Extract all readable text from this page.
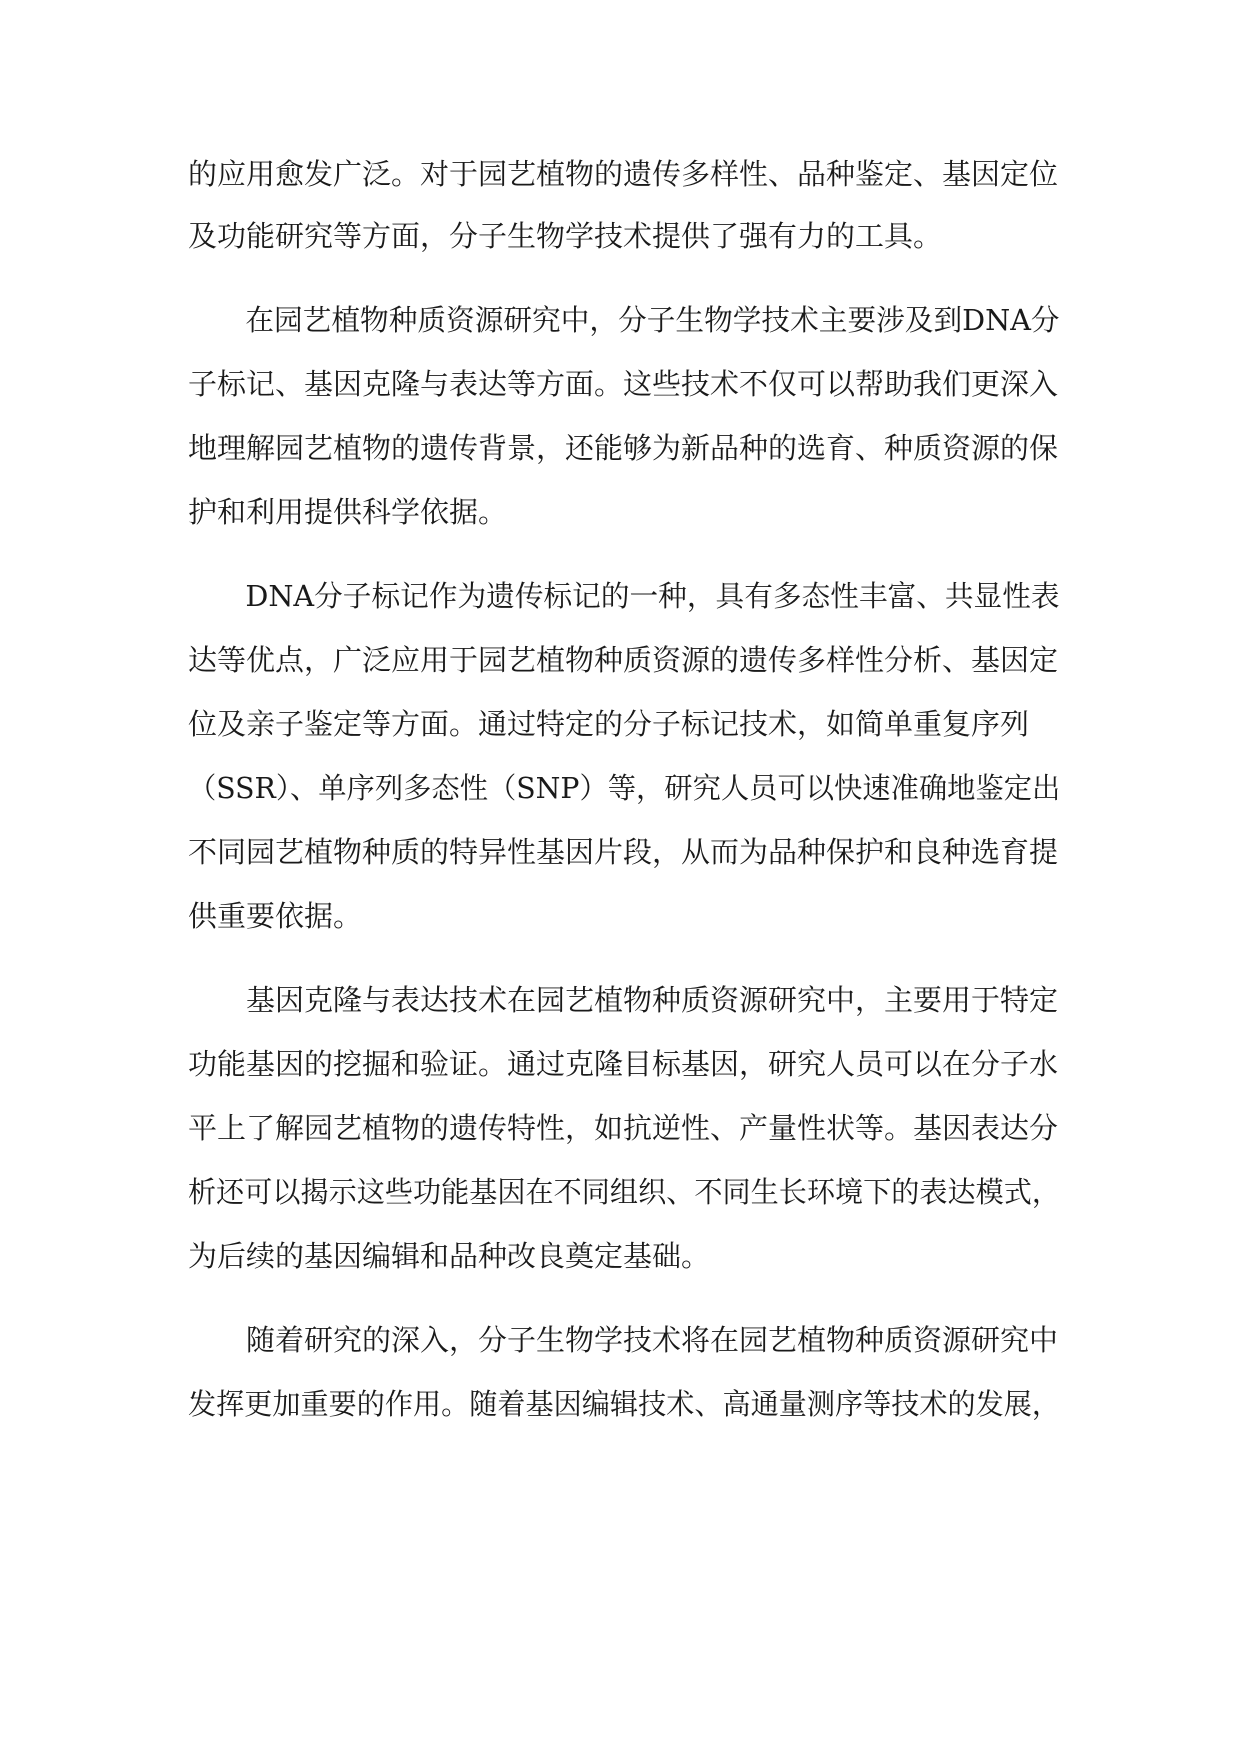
的应用愈发广泛。对于园艺植物的遗传多样性、品种鉴定、基因定位
及功能研究等方面，分子生物学技术提供了强有力的工具。
　　在园艺植物种质资源研究中，分子生物学技术主要涉及到DNA分
子标记、基因克隆与表达等方面。这些技术不仅可以帮助我们更深入
地理解园艺植物的遗传背景，还能够为新品种的选育、种质资源的保
护和利用提供科学依据。
　　DNA分子标记作为遗传标记的一种，具有多态性丰富、共显性表
达等优点，广泛应用于园艺植物种质资源的遗传多样性分析、基因定
位及亲子鉴定等方面。通过特定的分子标记技术，如简单重复序列
（SSR）、单序列多态性（SNP）等，研究人员可以快速准确地鉴定出
不同园艺植物种质的特异性基因片段，从而为品种保护和良种选育提
供重要依据。
　　基因克隆与表达技术在园艺植物种质资源研究中，主要用于特定
功能基因的挖掘和验证。通过克隆目标基因，研究人员可以在分子水
平上了解园艺植物的遗传特性，如抗逆性、产量性状等。基因表达分
析还可以揭示这些功能基因在不同组织、不同生长环境下的表达模式，
为后续的基因编辑和品种改良奠定基础。
　　随着研究的深入，分子生物学技术将在园艺植物种质资源研究中
发挥更加重要的作用。随着基因编辑技术、高通量测序等技术的发展，
